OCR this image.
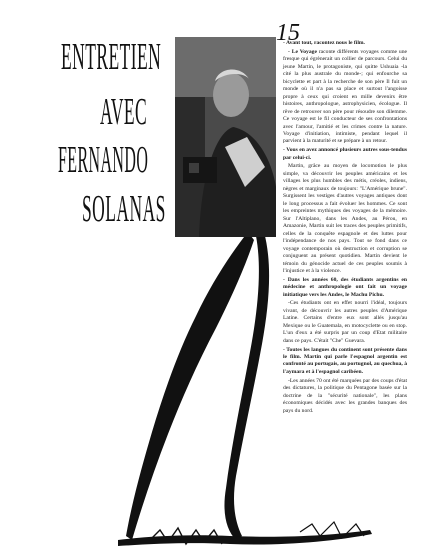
ENTRETIEN
AVEC
FERNANDO
SOLANAS
15

- Avant tout, racontez nous le film.

- Le Voyage raconte différents voyages comme une fresque qui égrènerait un collier de parcours. Celui du jeune Martin, le protagoniste, qui quitte Ushuaia -la cité la plus australe du monde-; qui enfourche sa bicyclette et part à la recherche de son père Il fuit un monde où il n'a pas sa place et surtout l'angoisse propre à ceux qui croient en mille devenirs être histoires, anthropologue, astrophysicien, écologue. Il rêve de retrouver son père pour résoudre son dilemme. Ce voyage est le fil conducteur de ses confrontations avec l'amour, l'amitié et les crimes contre la nature. Voyage d'initiation, intimiste, pendant lequel il parvient à la maturité et se prépare à un retour.

- Vous en avez annoncé plusieurs autres sous-tendus par celui-ci.

Martin, grâce au moyen de locomotion le plus simple, va découvrir les peuples américains et les villages les plus humbles des métis, créoles, indiens, nègres et marginaux de toujours: "L'Amérique brune". Surgissent les vestiges d'autres voyages antiques dont le long processus a fait évoluer les hommes. Ce sont les empreintes mythiques des voyages de la mémoire. Sur l'Altiplano, dans les Andes, au Pérou, en Amazonie, Martin suit les traces des peuples primitifs, celles de la conquête espagnole et des luttes pour l'indépendance de nos pays. Tout se fond dans ce voyage contemporain où destruction et corruption se conjuguent au présent quotidien. Martin devient le témoin du génocide actuel de ces peuples soumis à l'injustice et à la violence.

- Dans les années 60, des étudiants argentins en médecine et anthropologie ont fait un voyage initiatique vers les Andes, le Machu Pichu.

-Ces étudiants ont en effet nourri l'idéal, toujours vivant, de découvrir les autres peuples d'Amérique Latine. Certains d'entre eux sont allés jusqu'au Mexique ou le Guatemala, en motocyclette ou en stop. L'un d'eux a été surpris par un coup d'Etat militaire dans ce pays. C'était "Che" Guevara.

- Toutes les langues du continent sont présente dans le film. Martin qui parle l'espagnol argentin est confronté au portugais, au portugnol, au quechua, à l'aymara et à l'espagnol caribéen.

-Les années 70 ont été marquées par des coups d'état des dictatures, la politique du Pentagone basée sur la doctrine de la "sécurité nationale", les plans économiques décidés avec les grandes banques des pays du nord.
